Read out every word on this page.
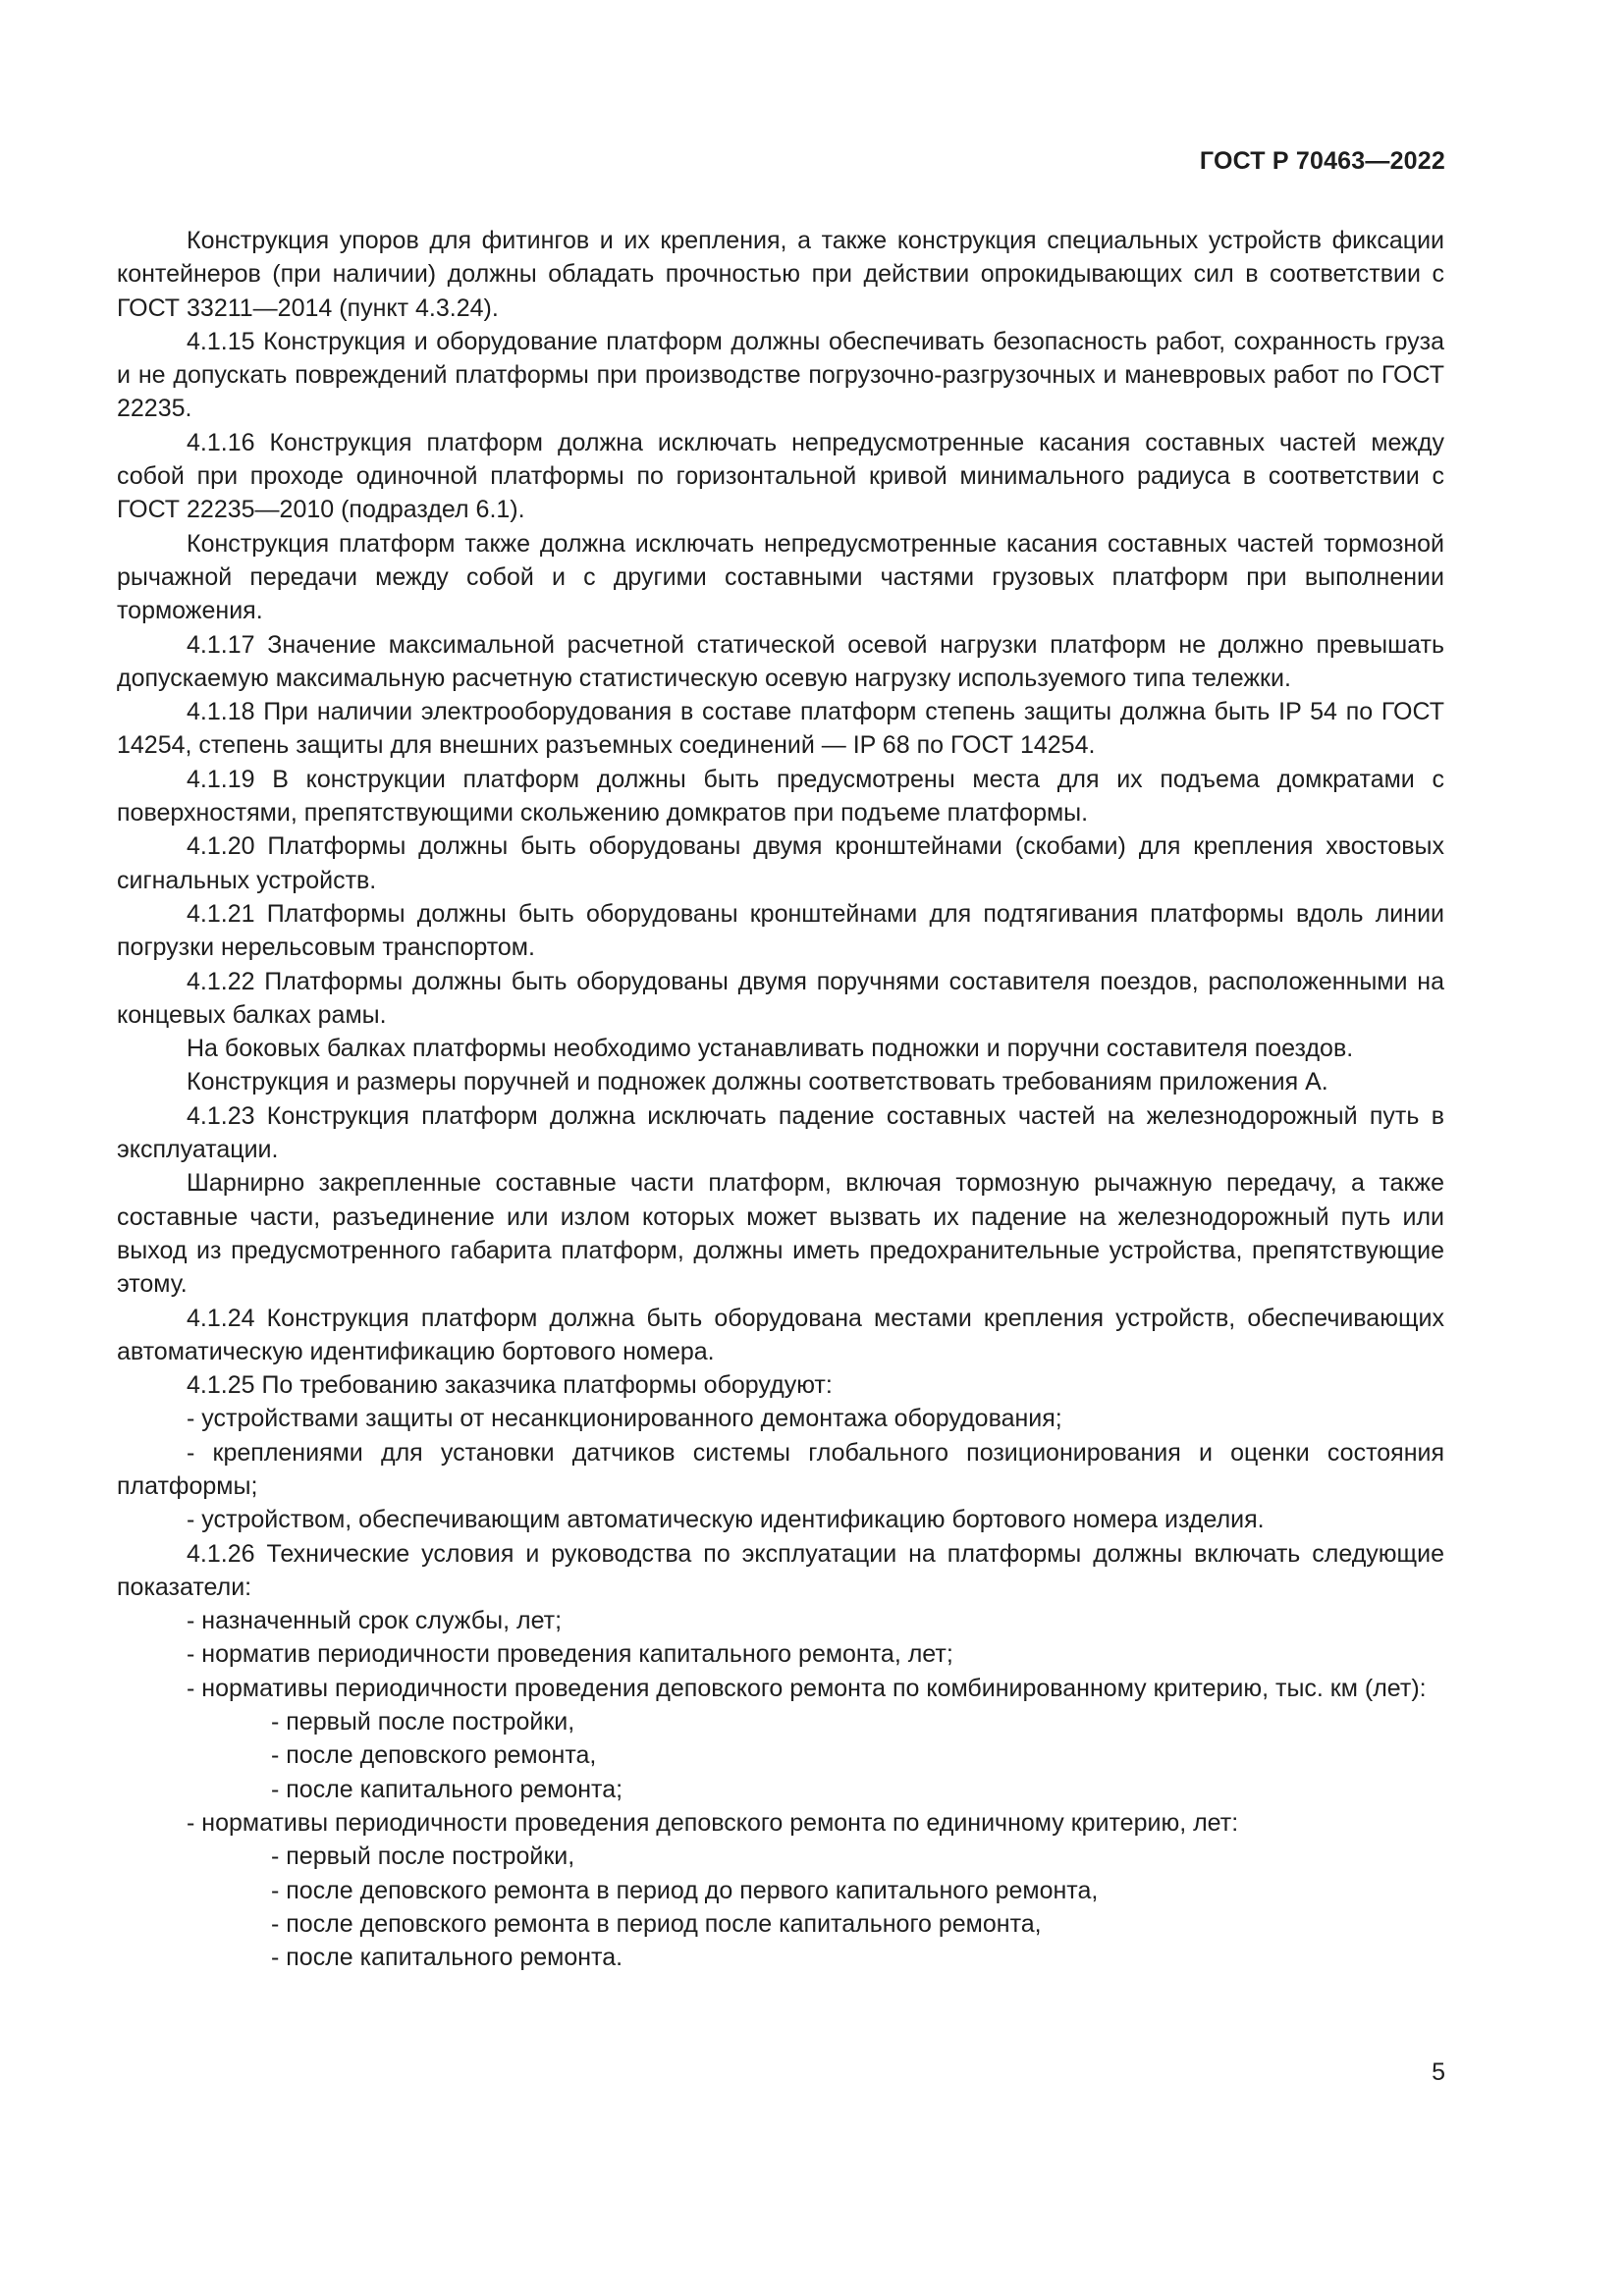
ГОСТ Р 70463—2022

Конструкция упоров для фитингов и их крепления, а также конструкция специальных устройств фиксации контейнеров (при наличии) должны обладать прочностью при действии опрокидывающих сил в соответствии с ГОСТ 33211—2014 (пункт 4.3.24).

4.1.15 Конструкция и оборудование платформ должны обеспечивать безопасность работ, сохранность груза и не допускать повреждений платформы при производстве погрузочно-разгрузочных и маневровых работ по ГОСТ 22235.

4.1.16 Конструкция платформ должна исключать непредусмотренные касания составных частей между собой при проходе одиночной платформы по горизонтальной кривой минимального радиуса в соответствии с ГОСТ 22235—2010 (подраздел 6.1).

Конструкция платформ также должна исключать непредусмотренные касания составных частей тормозной рычажной передачи между собой и с другими составными частями грузовых платформ при выполнении торможения.

4.1.17 Значение максимальной расчетной статической осевой нагрузки платформ не должно превышать допускаемую максимальную расчетную статистическую осевую нагрузку используемого типа тележки.

4.1.18 При наличии электрооборудования в составе платформ степень защиты должна быть IP 54 по ГОСТ 14254, степень защиты для внешних разъемных соединений — IP 68 по ГОСТ 14254.

4.1.19 В конструкции платформ должны быть предусмотрены места для их подъема домкратами с поверхностями, препятствующими скольжению домкратов при подъеме платформы.

4.1.20 Платформы должны быть оборудованы двумя кронштейнами (скобами) для крепления хвостовых сигнальных устройств.

4.1.21 Платформы должны быть оборудованы кронштейнами для подтягивания платформы вдоль линии погрузки нерельсовым транспортом.

4.1.22 Платформы должны быть оборудованы двумя поручнями составителя поездов, расположенными на концевых балках рамы.

На боковых балках платформы необходимо устанавливать подножки и поручни составителя поездов.

Конструкция и размеры поручней и подножек должны соответствовать требованиям приложения А.

4.1.23 Конструкция платформ должна исключать падение составных частей на железнодорожный путь в эксплуатации.

Шарнирно закрепленные составные части платформ, включая тормозную рычажную передачу, а также составные части, разъединение или излом которых может вызвать их падение на железнодорожный путь или выход из предусмотренного габарита платформ, должны иметь предохранительные устройства, препятствующие этому.

4.1.24 Конструкция платформ должна быть оборудована местами крепления устройств, обеспечивающих автоматическую идентификацию бортового номера.

4.1.25 По требованию заказчика платформы оборудуют:

- устройствами защиты от несанкционированного демонтажа оборудования;

- креплениями для установки датчиков системы глобального позиционирования и оценки состояния платформы;

- устройством, обеспечивающим автоматическую идентификацию бортового номера изделия.

4.1.26 Технические условия и руководства по эксплуатации на платформы должны включать следующие показатели:

- назначенный срок службы, лет;

- норматив периодичности проведения капитального ремонта, лет;

- нормативы периодичности проведения деповского ремонта по комбинированному критерию, тыс. км (лет):

- первый после постройки,

- после деповского ремонта,

- после капитального ремонта;

- нормативы периодичности проведения деповского ремонта по единичному критерию, лет:

- первый после постройки,

- после деповского ремонта в период до первого капитального ремонта,

- после деповского ремонта в период после капитального ремонта,

- после капитального ремонта.

5
